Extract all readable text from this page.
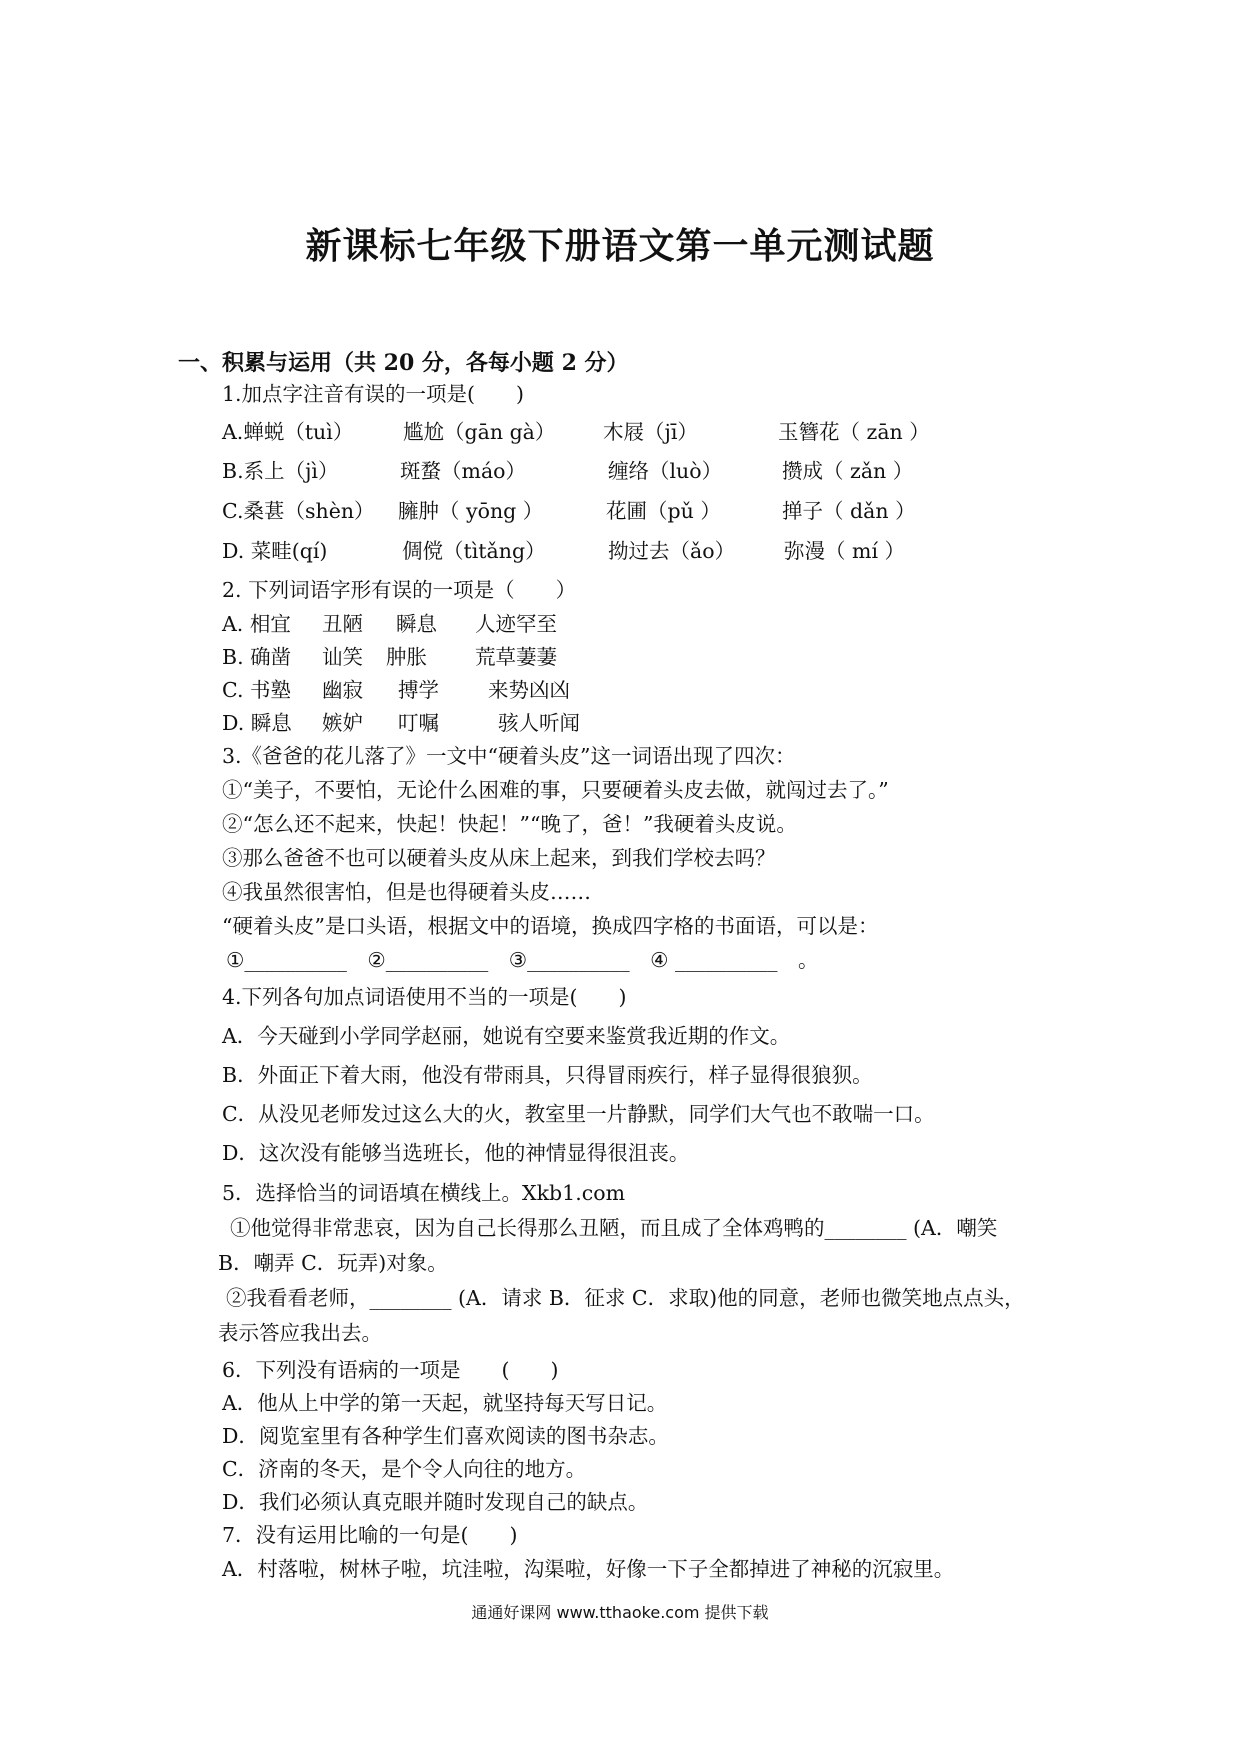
新课标七年级下册语文第一单元测试题
一、积累与运用（共 20 分，各每小题 2 分）
1.加点字注音有误的一项是(　　)
A.蝉蜕（tuì） 尴尬（gān gà） 木屐（jī）	玉簪花（ zān ）
B.系上（jì）	斑蝥（máo）	缠络（luò）	攒成（ zǎn ）
C.桑葚（shèn） 臃肿（ yōng ）	花圃（pǔ ）	掸子（ dǎn ）
D. 菜畦(qí)	倜傥（tìtǎng）	拗过去（ǎo） 弥漫（ mí ）
2. 下列词语字形有误的一项是（　　）
A. 相宜 丑陋 瞬息 人迹罕至
B. 确凿 讪笑 肿胀 荒草萋萋
C. 书塾 幽寂 搏学 来势凶凶
D. 瞬息 嫉妒 叮嘱	骇人听闻
3.《爸爸的花儿落了》一文中“硬着头皮”这一词语出现了四次：
①“美子，不要怕，无论什么困难的事，只要硬着头皮去做，就闯过去了。”
②“怎么还不起来，快起！快起！”“晚了，爸！”我硬着头皮说。
③那么爸爸不也可以硬着头皮从床上起来，到我们学校去吗？
④我虽然很害怕，但是也得硬着头皮……
“硬着头皮”是口头语，根据文中的语境，换成四字格的书面语，可以是：
①__________　②__________　③__________　④ __________　。
4.下列各句加点词语使用不当的一项是(　　)
A．今天碰到小学同学赵丽，她说有空要来鉴赏我近期的作文。
B．外面正下着大雨，他没有带雨具，只得冒雨疾行，样子显得很狼狈。
C．从没见老师发过这么大的火，教室里一片静默，同学们大气也不敢喘一口。
D．这次没有能够当选班长，他的神情显得很沮丧。
5．选择恰当的词语填在横线上。Xkb1.com
①他觉得非常悲哀，因为自己长得那么丑陋，而且成了全体鸡鸭的________ (A．嘲笑
B．嘲弄 C．玩弄)对象。
②我看看老师，________ (A．请求 B．征求 C．求取)他的同意，老师也微笑地点点头，
表示答应我出去。
6．下列没有语病的一项是　　(　　)
A．他从上中学的第一天起，就坚持每天写日记。
D．阅览室里有各种学生们喜欢阅读的图书杂志。
C．济南的冬天，是个令人向往的地方。
D．我们必须认真克眼并随时发现自己的缺点。
7．没有运用比喻的一句是(　　)
A．村落啦，树林子啦，坑洼啦，沟渠啦，好像一下子全都掉进了神秘的沉寂里。
通通好课网 www.tthaoke.com 提供下载
